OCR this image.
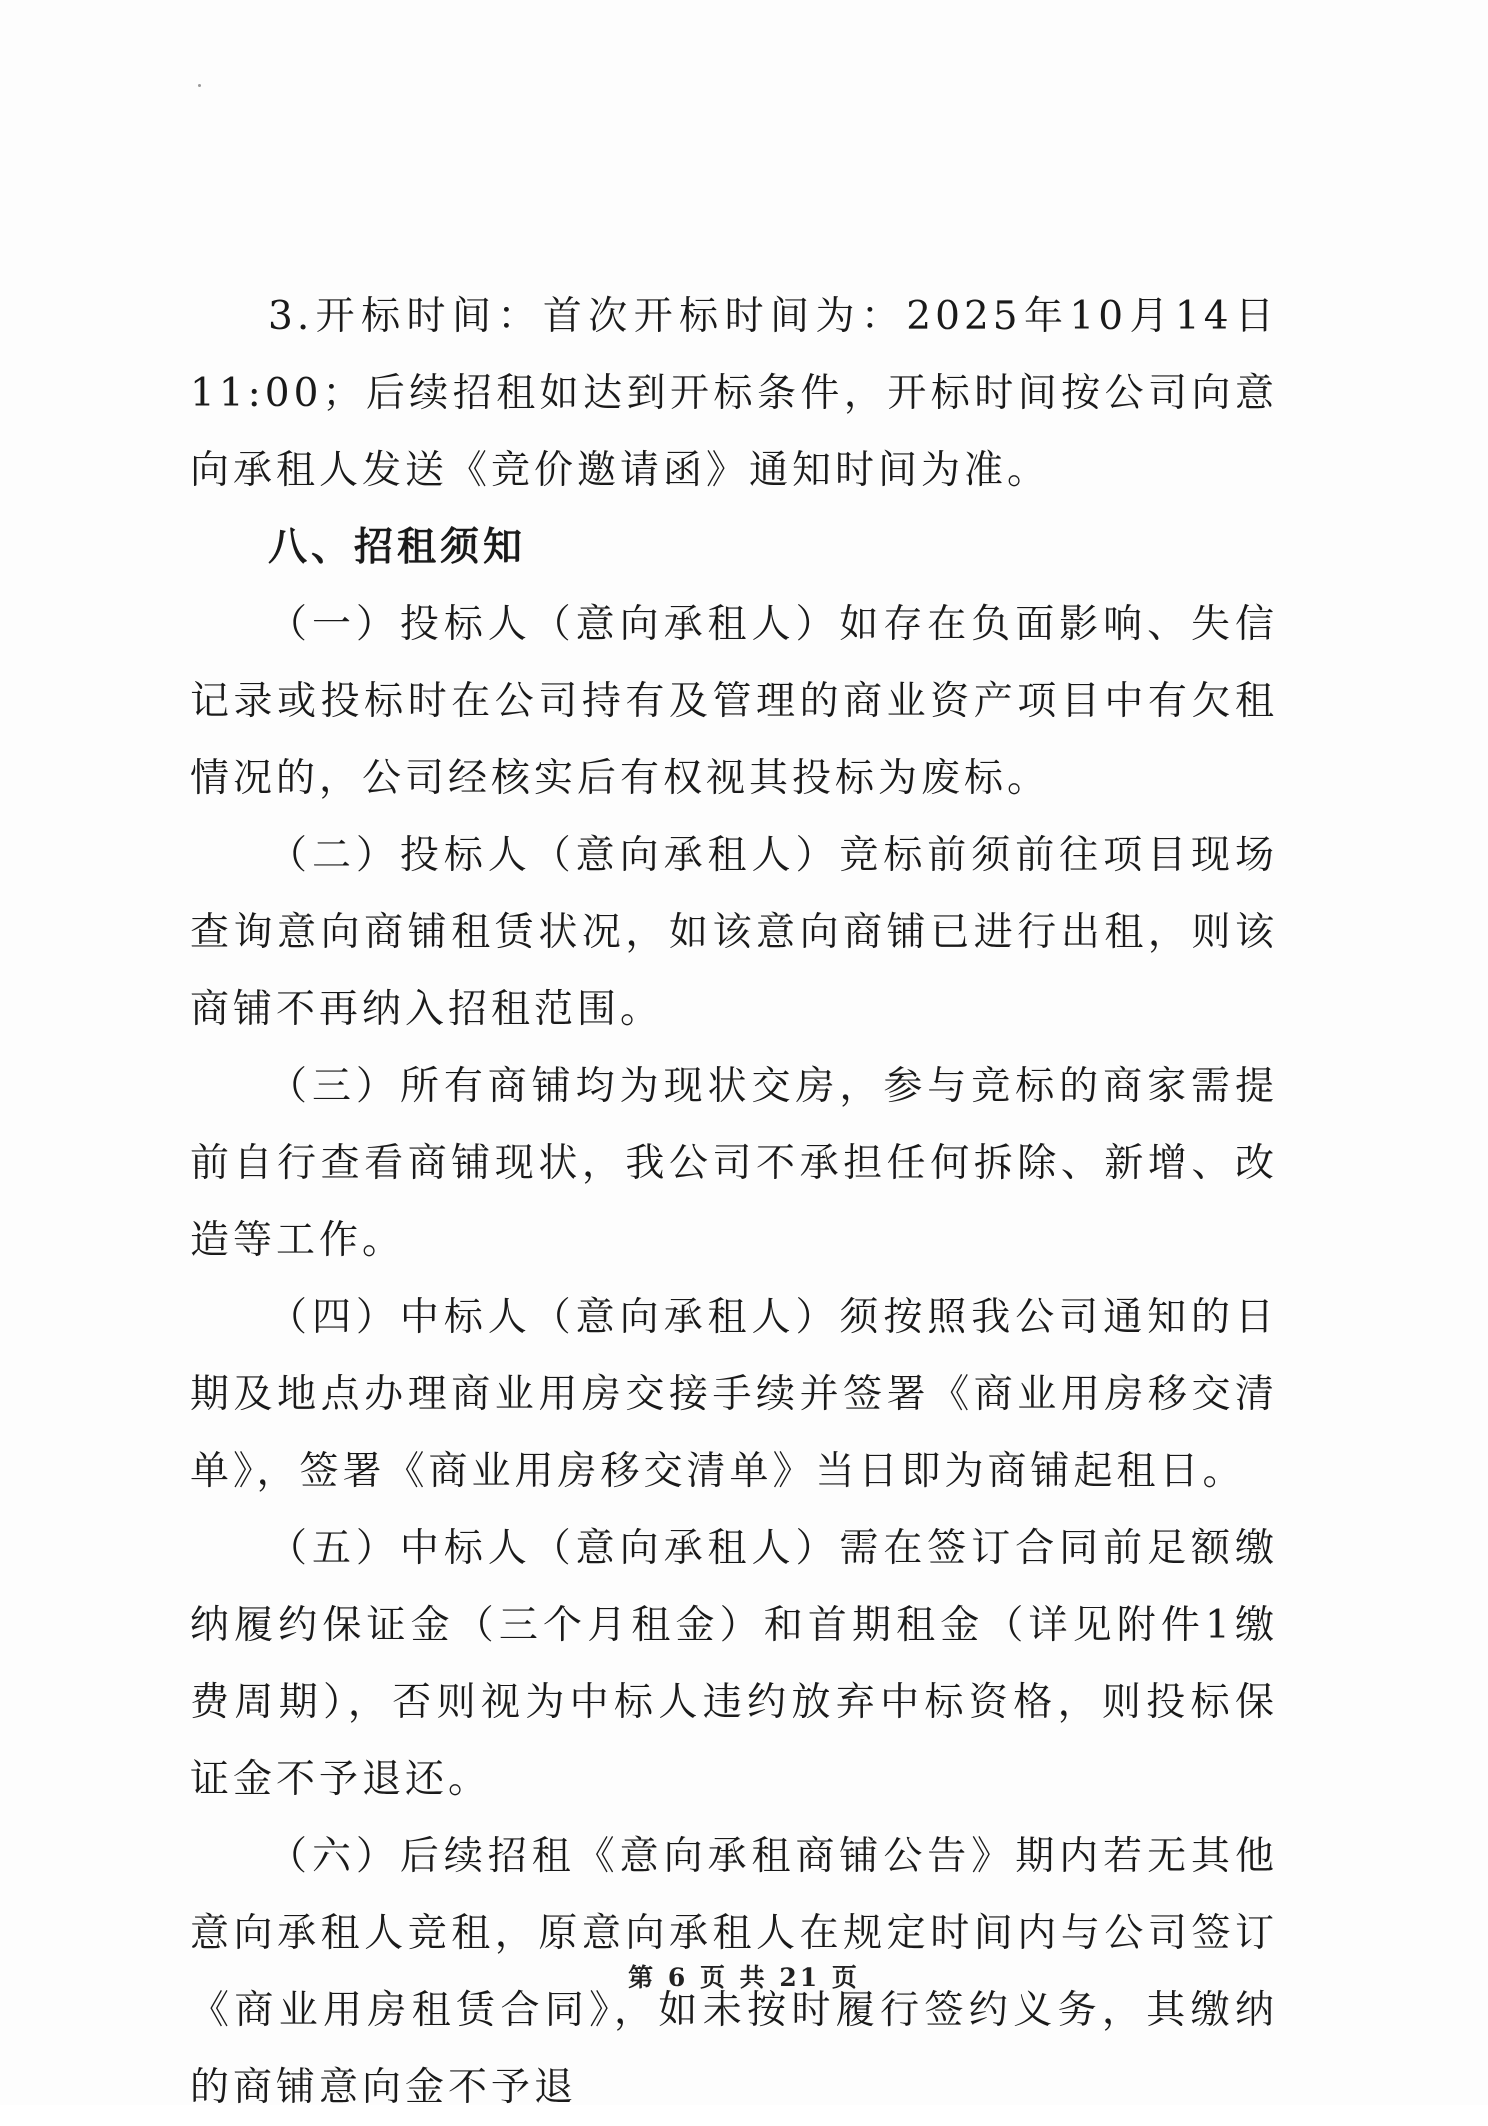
3.开标时间：首次开标时间为：2025年10月14日11:00；后续招租如达到开标条件，开标时间按公司向意向承租人发送《竞价邀请函》通知时间为准。

八、招租须知

（一）投标人（意向承租人）如存在负面影响、失信记录或投标时在公司持有及管理的商业资产项目中有欠租情况的，公司经核实后有权视其投标为废标。

（二）投标人（意向承租人）竞标前须前往项目现场查询意向商铺租赁状况，如该意向商铺已进行出租，则该商铺不再纳入招租范围。

（三）所有商铺均为现状交房，参与竞标的商家需提前自行查看商铺现状，我公司不承担任何拆除、新增、改造等工作。

（四）中标人（意向承租人）须按照我公司通知的日期及地点办理商业用房交接手续并签署《商业用房移交清单》，签署《商业用房移交清单》当日即为商铺起租日。

（五）中标人（意向承租人）需在签订合同前足额缴纳履约保证金（三个月租金）和首期租金（详见附件1缴费周期），否则视为中标人违约放弃中标资格，则投标保证金不予退还。

（六）后续招租《意向承租商铺公告》期内若无其他意向承租人竞租，原意向承租人在规定时间内与公司签订《商业用房租赁合同》，如未按时履行签约义务，其缴纳的商铺意向金不予退

第 6 页 共 21 页
